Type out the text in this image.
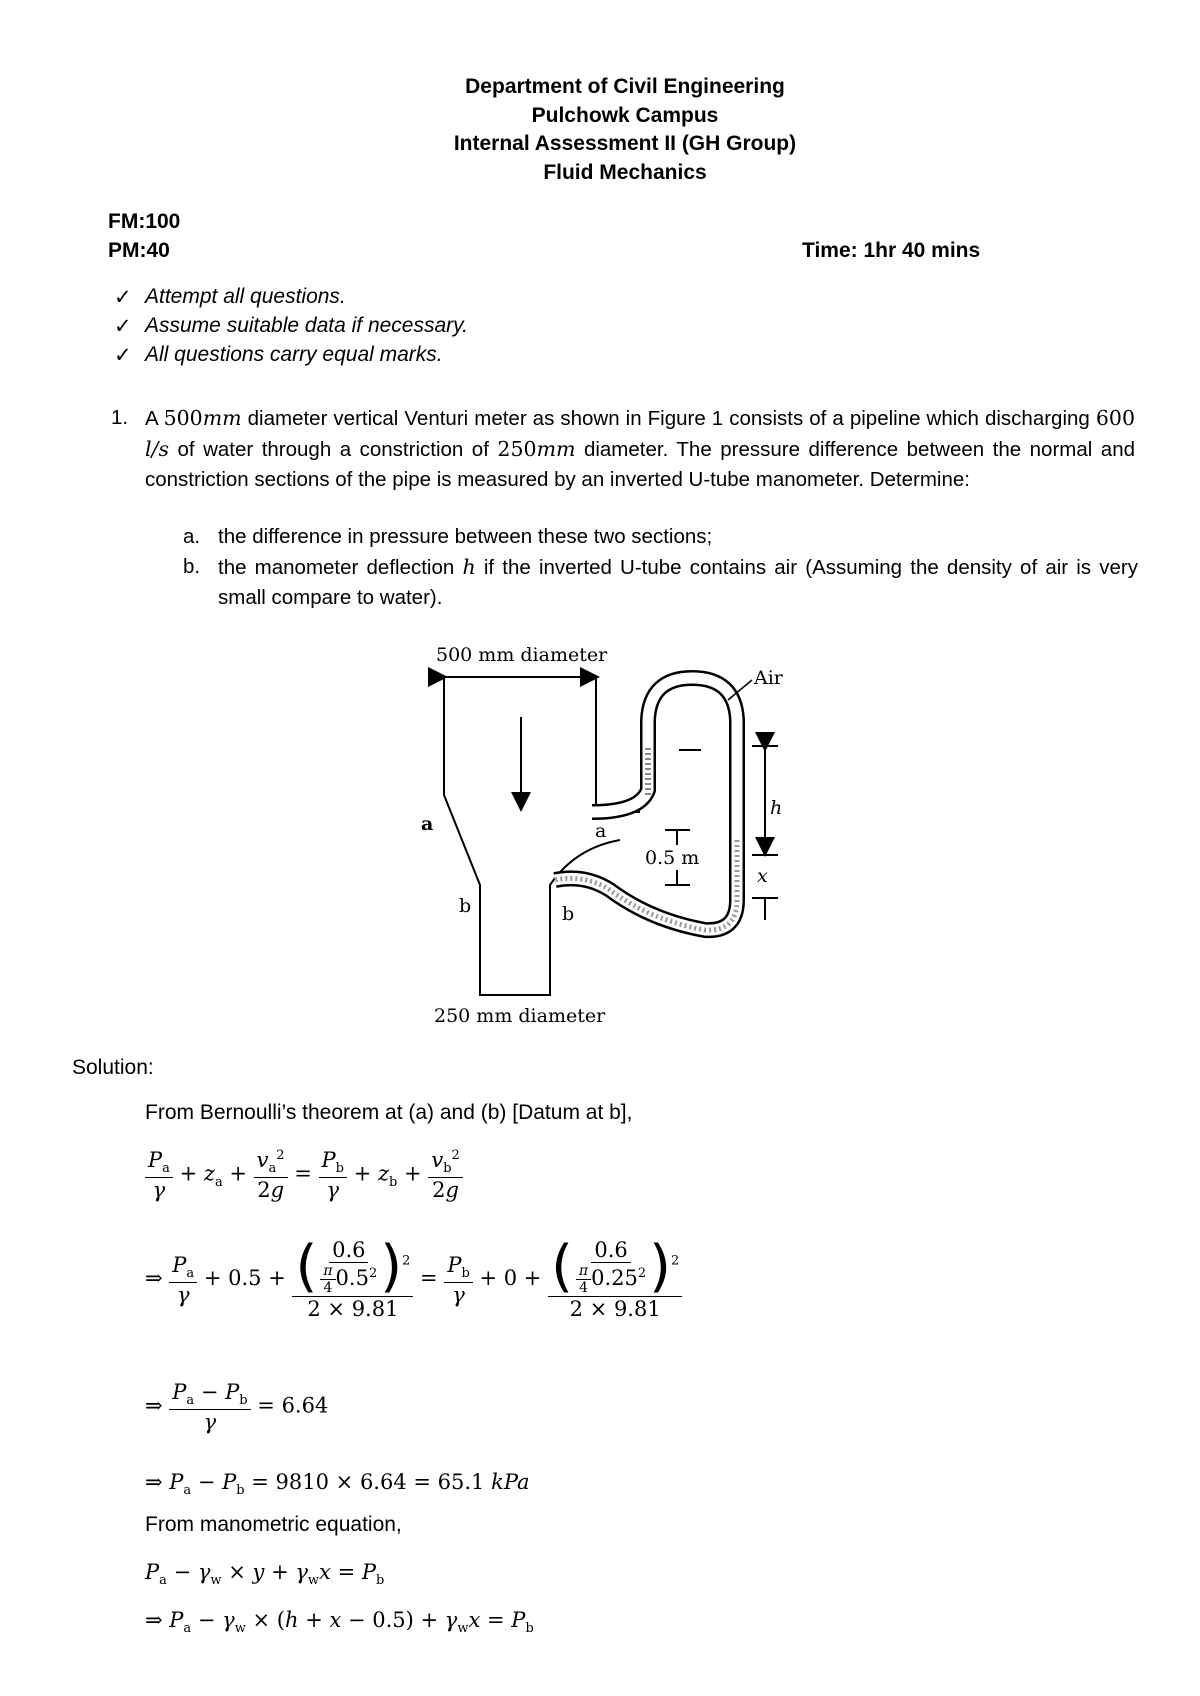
Department of Civil Engineering
Pulchowk Campus
Internal Assessment II (GH Group)
Fluid Mechanics
FM:100
PM:40	Time: 1hr 40 mins
✓ Attempt all questions.
✓ Assume suitable data if necessary.
✓ All questions carry equal marks.
1. A 500mm diameter vertical Venturi meter as shown in Figure 1 consists of a pipeline which discharging 600 l/s of water through a constriction of 250mm diameter. The pressure difference between the normal and constriction sections of the pipe is measured by an inverted U-tube manometer. Determine:
a. the difference in pressure between these two sections;
b. the manometer deflection h if the inverted U-tube contains air (Assuming the density of air is very small compare to water).
500 mm diameter
250 mm diameter
Air
a	a
b	b
0.5 m
h
x
Solution:
From Bernoulli’s theorem at (a) and (b) [Datum at b],
$\frac{P_a}{\gamma} + z_a + \frac{v_a^2}{2g} = \frac{P_b}{\gamma} + z_b + \frac{v_b^2}{2g}$
⇒ $\frac{P_a}{\gamma} + 0.5 + \frac{( \frac{0.6}{\frac{\pi}{4} 0.5^2} )^2}{2 \times 9.81} = \frac{P_b}{\gamma} + 0 + \frac{( \frac{0.6}{\frac{\pi}{4} 0.25^2} )^2}{2 \times 9.81}$
⇒ $\frac{P_a - P_b}{\gamma} = 6.64$
⇒ $P_a - P_b = 9810 \times 6.64 = 65.1$ kPa
From manometric equation,
$P_a - \gamma_w \times y + \gamma_wx = P_b$
⇒ $P_a - \gamma_w \times (h + x - 0.5) + \gamma_wx = P_b$
